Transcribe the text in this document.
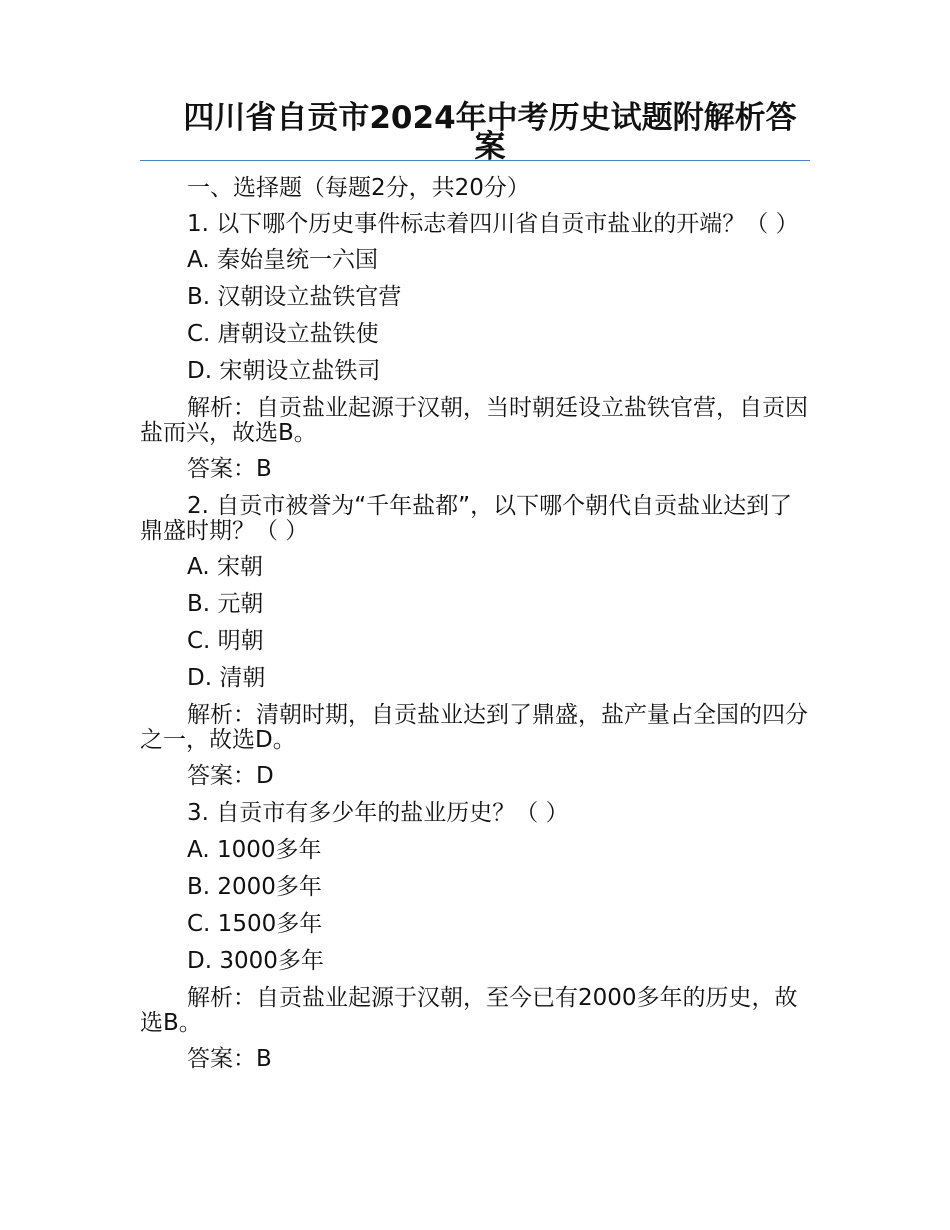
四川省自贡市2024年中考历史试题附解析答案

一、选择题（每题2分，共20分）

1. 以下哪个历史事件标志着四川省自贡市盐业的开端？（ ）

A. 秦始皇统一六国

B. 汉朝设立盐铁官营

C. 唐朝设立盐铁使

D. 宋朝设立盐铁司

解析：自贡盐业起源于汉朝，当时朝廷设立盐铁官营，自贡因盐而兴，故选B。

答案：B

2. 自贡市被誉为“千年盐都”，以下哪个朝代自贡盐业达到了鼎盛时期？（ ）

A. 宋朝

B. 元朝

C. 明朝

D. 清朝

解析：清朝时期，自贡盐业达到了鼎盛，盐产量占全国的四分之一，故选D。

答案：D

3. 自贡市有多少年的盐业历史？（ ）

A. 1000多年

B. 2000多年

C. 1500多年

D. 3000多年

解析：自贡盐业起源于汉朝，至今已有2000多年的历史，故选B。

答案：B
